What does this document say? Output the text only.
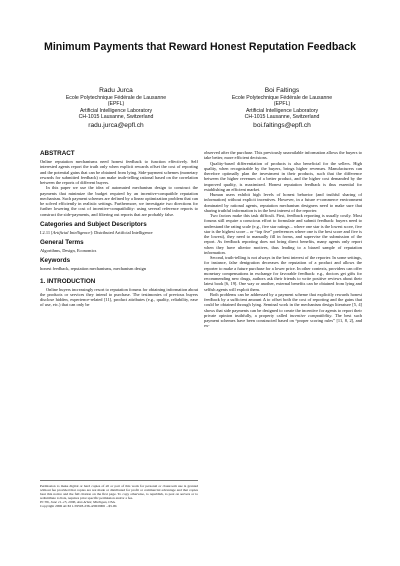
Minimum Payments that Reward Honest Reputation Feedback
Radu Jurca
Ecole Polytechnique Fédérale de Lausanne
(EPFL)
Artificial Intelligence Laboratory
CH-1015 Lausanne, Switzerland
radu.jurca@epfl.ch
Boi Faltings
Ecole Polytechnique Fédérale de Lausanne
(EPFL)
Artificial Intelligence Laboratory
CH-1015 Lausanne, Switzerland
boi.faltings@epfl.ch
ABSTRACT

Online reputation mechanisms need honest feedback to function effectively. Self interested agents report the truth only when explicit rewards offset the cost of reporting and the potential gains that can be obtained from lying. Side-payment schemes (monetary rewards for submitted feedback) can make truth-telling rational based on the correlation between the reports of different buyers.

In this paper we use the idea of automated mechanism design to construct the payments that minimize the budget required by an incentive-compatible reputation mechanism. Such payment schemes are defined by a linear optimization problem that can be solved efficiently in realistic settings. Furthermore, we investigate two directions for further lowering the cost of incentive-compatibility: using several reference reports to construct the side-payments, and filtering out reports that are probably false.

Categories and Subject Descriptors

I.2.11 [Artificial Intelligence]: Distributed Artificial Intelligence

General Terms

Algorithms, Design, Economics

Keywords

honest feedback, reputation mechanisms, mechanism design

1. INTRODUCTION

Online buyers increasingly resort to reputation forums for obtaining information about the products or services they intend to purchase. The testimonies of previous buyers disclose hidden, experience-related [11], product attributes (e.g., quality, reliability, ease of use, etc.) that can only be

Permission to make digital or hard copies of all or part of this work for personal or classroom use is granted without fee provided that copies are not made or distributed for profit or commercial advantage and that copies bear this notice and the full citation on the first page. To copy otherwise, to republish, to post on servers or to redistribute to lists, requires prior specific permission and/or a fee.

EC'06, June 11–15, 2006, Ann Arbor, Michigan, USA.

Copyright 2006 ACM 1-59593-236-4/06/0006 ...$5.00.

observed after the purchase. This previously unavailable information allows the buyers to take better, more efficient decisions.

Quality-based differentiation of products is also beneficial for the sellers. High quality, when recognizable by the buyers, brings higher revenues. Manufacturers can therefore optimally plan the investment in their products, such that the difference between the higher revenues of a better product, and the higher cost demanded by the improved quality, is maximized. Honest reputation feedback is thus essential for establishing an efficient market.

Human users exhibit high levels of honest behavior (and truthful sharing of information) without explicit incentives. However, in a future e-commerce environment dominated by rational agents, reputation mechanism designers need to make sure that sharing truthful information is in the best interest of the reporter.

Two factors make this task difficult. First, feedback reporting is usually costly. Most forums still require a conscious effort to formulate and submit feedback: buyers need to understand the rating scale (e.g., five star ratings – where one star is the lowest score, five star is the highest score – or “top five” preferences where one is the best score and five is the lowest), they need to manually fill in forms, and supervise the submission of the report. As feedback reporting does not bring direct benefits, many agents only report when they have ulterior motives, thus leading to a biased sample of reputation information.

Second, truth-telling is not always in the best interest of the reporter. In some settings, for instance, false denigration decreases the reputation of a product and allows the reporter to make a future purchase for a lower price. In other contexts, providers can offer monetary compensations in exchange for favorable feedback: e.g., doctors get gifts for recommending new drugs, authors ask their friends to write positive reviews about their latest book [6, 19]. One way or another, external benefits can be obtained from lying and selfish agents will exploit them.

Both problems can be addressed by a payment scheme that explicitly rewards honest feedback by a sufficient amount Δ to offset both the cost of reporting and the gains that could be obtained through lying. Seminal work in the mechanism design literature [5, 4] shows that side payments can be designed to create the incentive for agents to report their private opinion truthfully, a property called incentive compatibility. The best such payment schemes have been constructed based on “proper scoring rules” [11, 8, 2], and ex-
